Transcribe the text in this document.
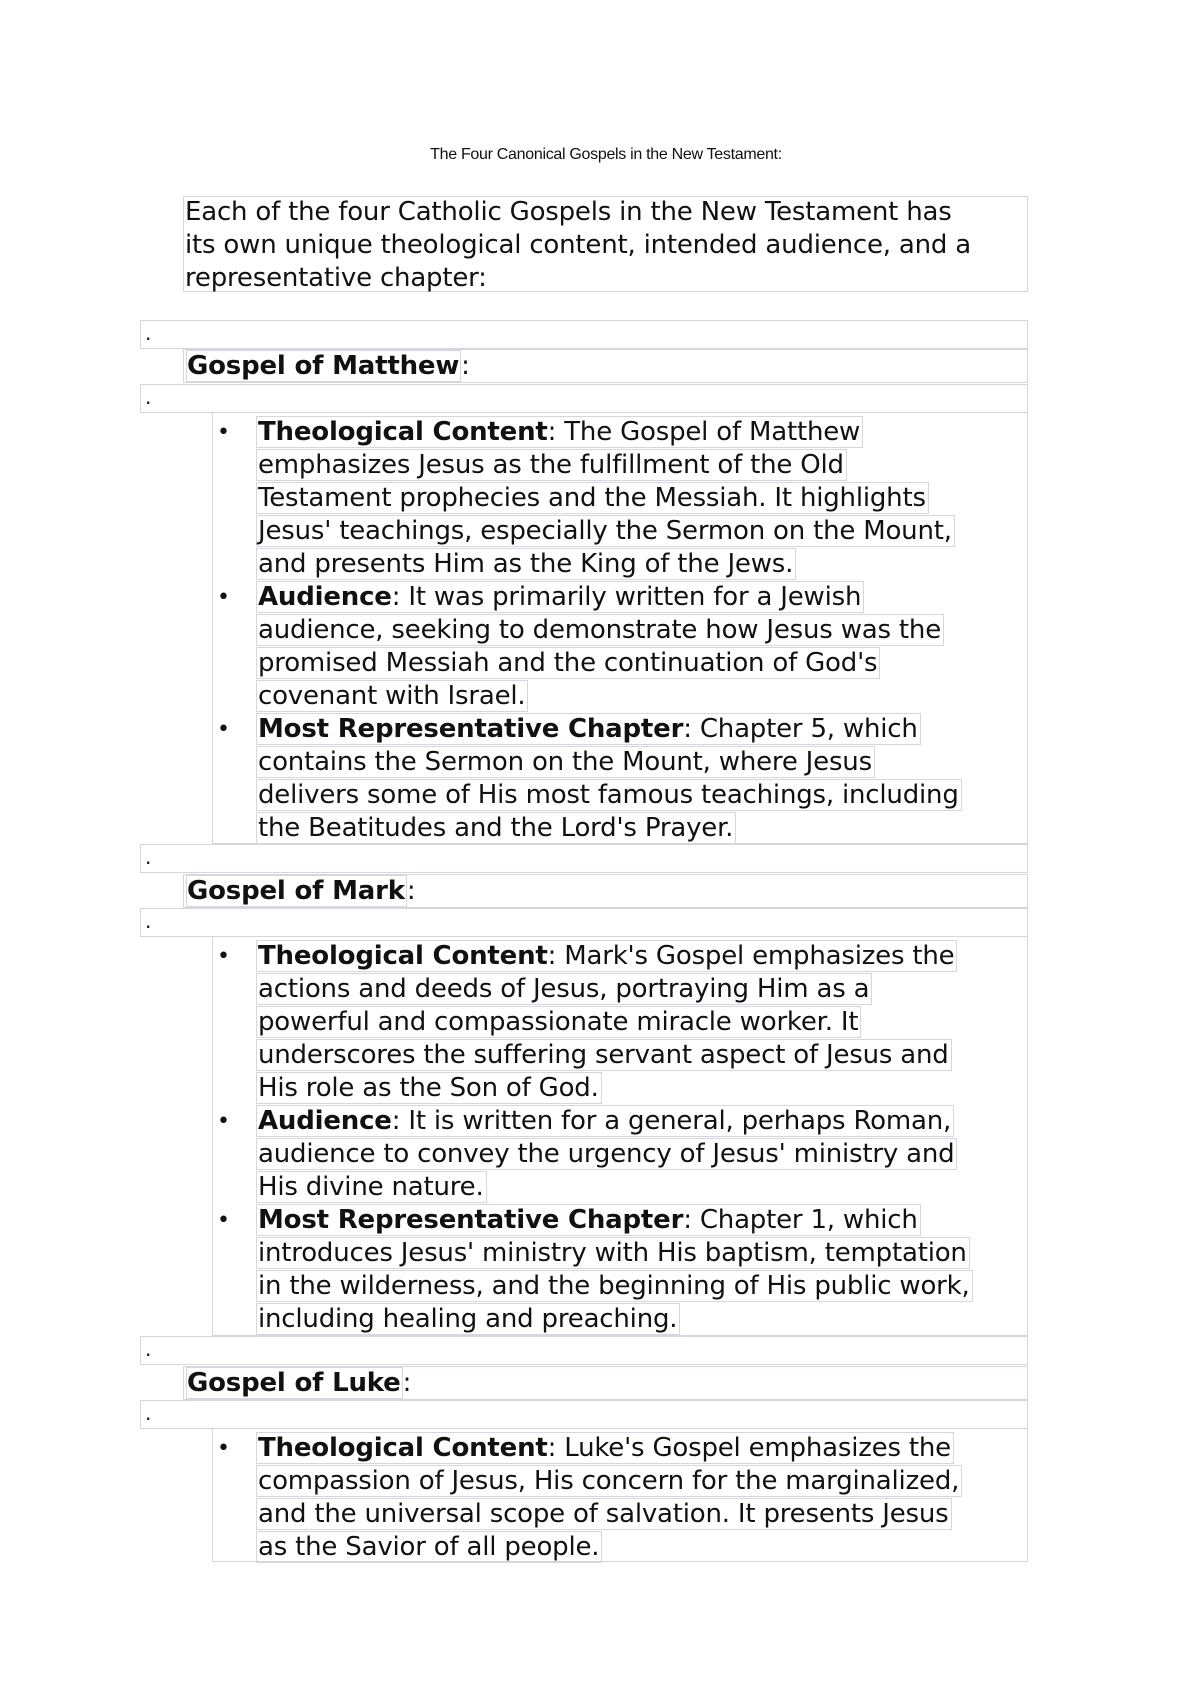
The Four Canonical Gospels in the New Testament:
Each of the four Catholic Gospels in the New Testament has
its own unique theological content, intended audience, and a
representative chapter:
.
.
.
.
.
.
Gospel of Matthew:
Gospel of Mark:
Gospel of Luke:
• Theological Content: The Gospel of Matthew
emphasizes Jesus as the fulfillment of the Old
Testament prophecies and the Messiah. It highlights
Jesus' teachings, especially the Sermon on the Mount,
and presents Him as the King of the Jews.
• Audience: It was primarily written for a Jewish
audience, seeking to demonstrate how Jesus was the
promised Messiah and the continuation of God's
covenant with Israel.
• Most Representative Chapter: Chapter 5, which
contains the Sermon on the Mount, where Jesus
delivers some of His most famous teachings, including
the Beatitudes and the Lord's Prayer.
• Theological Content: Mark's Gospel emphasizes the
actions and deeds of Jesus, portraying Him as a
powerful and compassionate miracle worker. It
underscores the suffering servant aspect of Jesus and
His role as the Son of God.
• Audience: It is written for a general, perhaps Roman,
audience to convey the urgency of Jesus' ministry and
His divine nature.
• Most Representative Chapter: Chapter 1, which
introduces Jesus' ministry with His baptism, temptation
in the wilderness, and the beginning of His public work,
including healing and preaching.
• Theological Content: Luke's Gospel emphasizes the
compassion of Jesus, His concern for the marginalized,
and the universal scope of salvation. It presents Jesus
as the Savior of all people.
